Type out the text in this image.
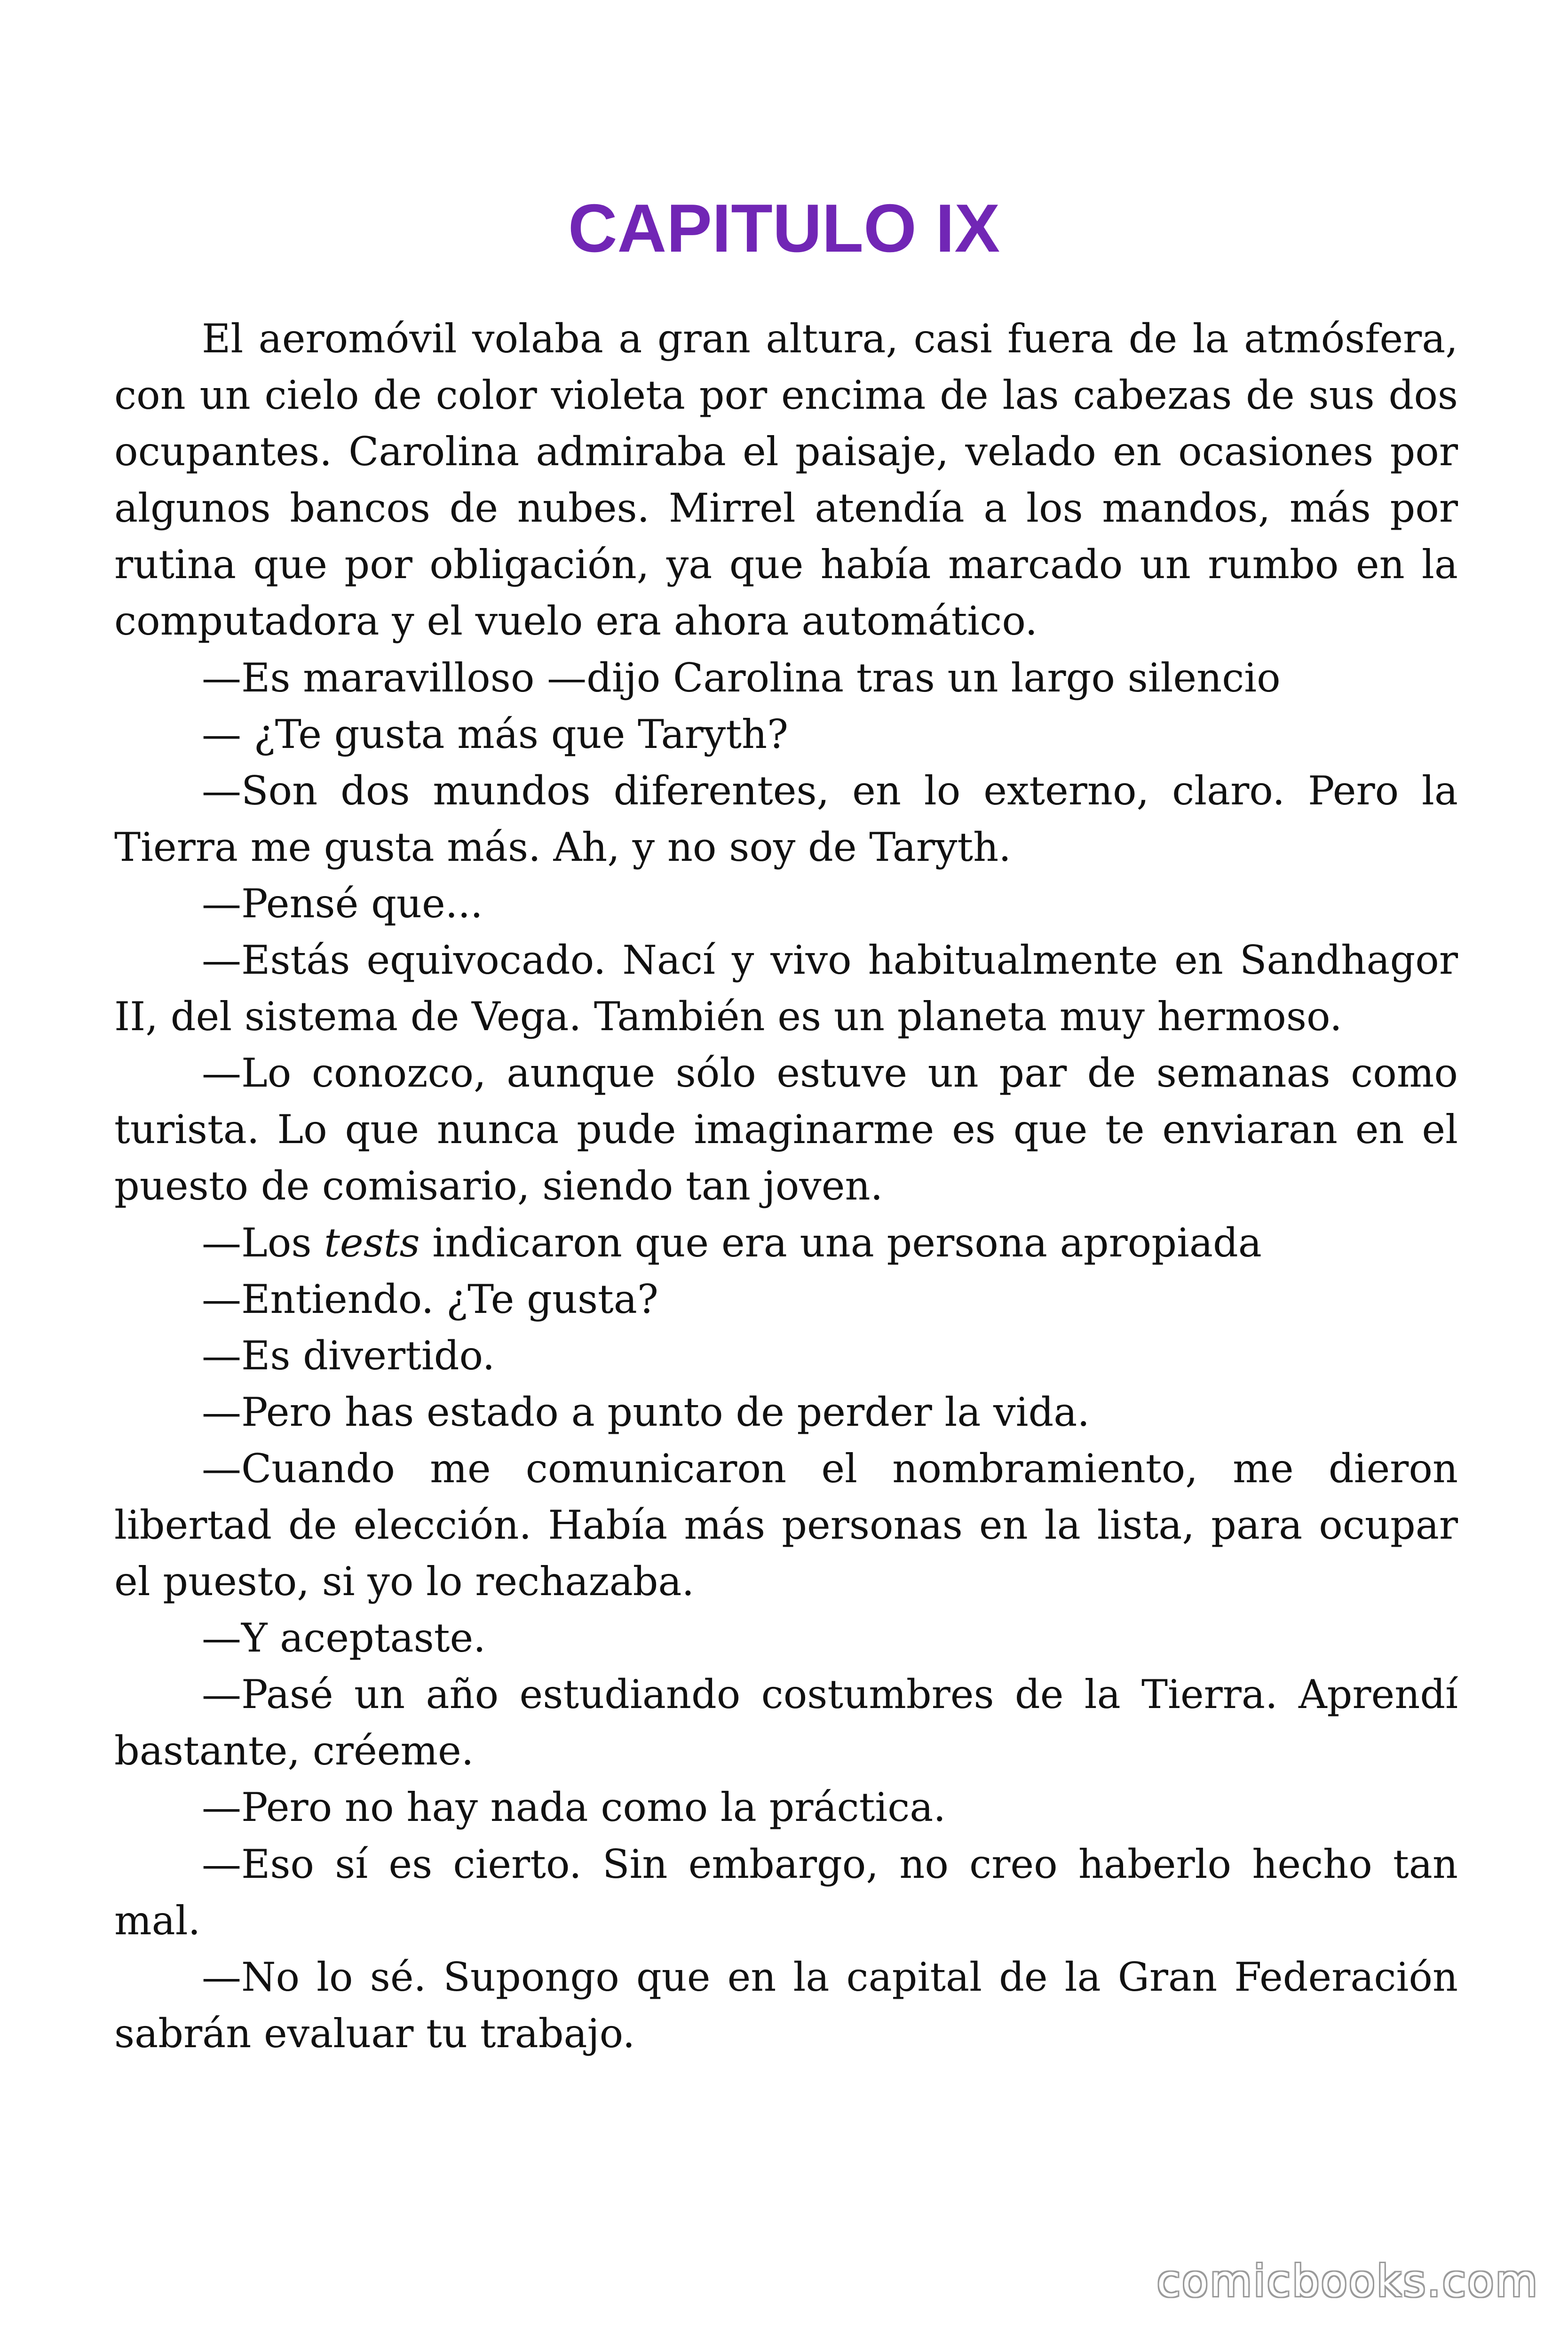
CAPITULO IX

El aeromóvil volaba a gran altura, casi fuera de la atmósfera, con un cielo de color violeta por encima de las cabezas de sus dos ocupantes. Carolina admiraba el paisaje, velado en ocasiones por algunos bancos de nubes. Mirrel atendía a los mandos, más por rutina que por obligación, ya que había marcado un rumbo en la computadora y el vuelo era ahora automático.

—Es maravilloso —dijo Carolina tras un largo silencio

— ¿Te gusta más que Taryth?

—Son dos mundos diferentes, en lo externo, claro. Pero la Tierra me gusta más. Ah, y no soy de Taryth.

—Pensé que...

—Estás equivocado. Nací y vivo habitualmente en Sandhagor II, del sistema de Vega. También es un planeta muy hermoso.

—Lo conozco, aunque sólo estuve un par de semanas como turista. Lo que nunca pude imaginarme es que te enviaran en el puesto de comisario, siendo tan joven.

—Los tests indicaron que era una persona apropiada

—Entiendo. ¿Te gusta?

—Es divertido.

—Pero has estado a punto de perder la vida.

—Cuando me comunicaron el nombramiento, me dieron libertad de elección. Había más personas en la lista, para ocupar el puesto, si yo lo rechazaba.

—Y aceptaste.

—Pasé un año estudiando costumbres de la Tierra. Aprendí bastante, créeme.

—Pero no hay nada como la práctica.

—Eso sí es cierto. Sin embargo, no creo haberlo hecho tan mal.

—No lo sé. Supongo que en la capital de la Gran Federación sabrán evaluar tu trabajo.

comicbooks.com
